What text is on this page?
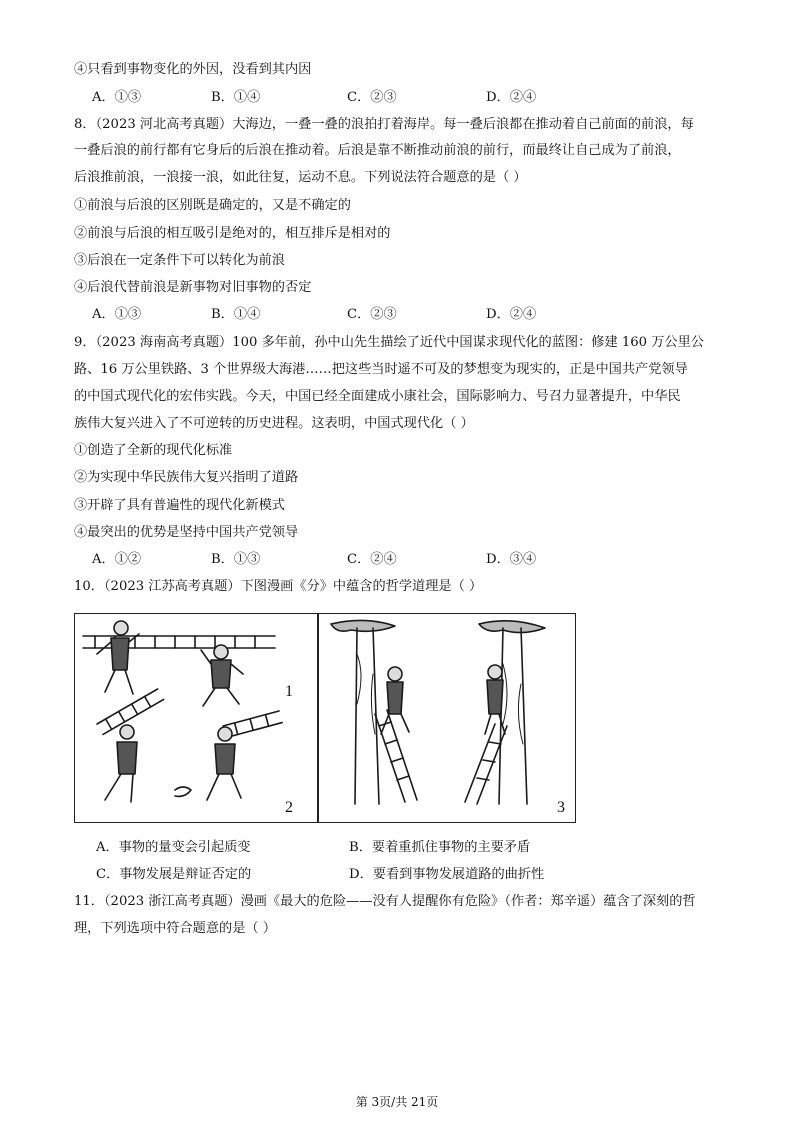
④只看到事物变化的外因，没看到其内因
A．①③	B．①④	C．②③	D．②④
8．（2023 河北高考真题）大海边，一叠一叠的浪拍打着海岸。每一叠后浪都在推动着自己前面的前浪，每
一叠后浪的前行都有它身后的后浪在推动着。后浪是靠不断推动前浪的前行，而最终让自己成为了前浪，
后浪推前浪，一浪接一浪，如此往复，运动不息。下列说法符合题意的是（ ）
①前浪与后浪的区别既是确定的，又是不确定的
②前浪与后浪的相互吸引是绝对的，相互排斥是相对的
③后浪在一定条件下可以转化为前浪
④后浪代替前浪是新事物对旧事物的否定
A．①③	B．①④	C．②③	D．②④
9．（2023 海南高考真题）100 多年前，孙中山先生描绘了近代中国谋求现代化的蓝图：修建 160 万公里公
路、16 万公里铁路、3 个世界级大海港……把这些当时遥不可及的梦想变为现实的，正是中国共产党领导
的中国式现代化的宏伟实践。今天，中国已经全面建成小康社会，国际影响力、号召力显著提升，中华民
族伟大复兴进入了不可逆转的历史进程。这表明，中国式现代化（ ）
①创造了全新的现代化标准
②为实现中华民族伟大复兴指明了道路
③开辟了具有普遍性的现代化新模式
④最突出的优势是坚持中国共产党领导
A．①②	B．①③	C．②④	D．③④
10．（2023 江苏高考真题）下图漫画《分》中蕴含的哲学道理是（ ）
1
2	3
A．事物的量变会引起质变	B．要着重抓住事物的主要矛盾
C．事物发展是辩证否定的	D．要看到事物发展道路的曲折性
11．（2023 浙江高考真题）漫画《最大的危险——没有人提醒你有危险》（作者：郑辛遥）蕴含了深刻的哲
理，下列选项中符合题意的是（ ）
第 3页/共 21页
